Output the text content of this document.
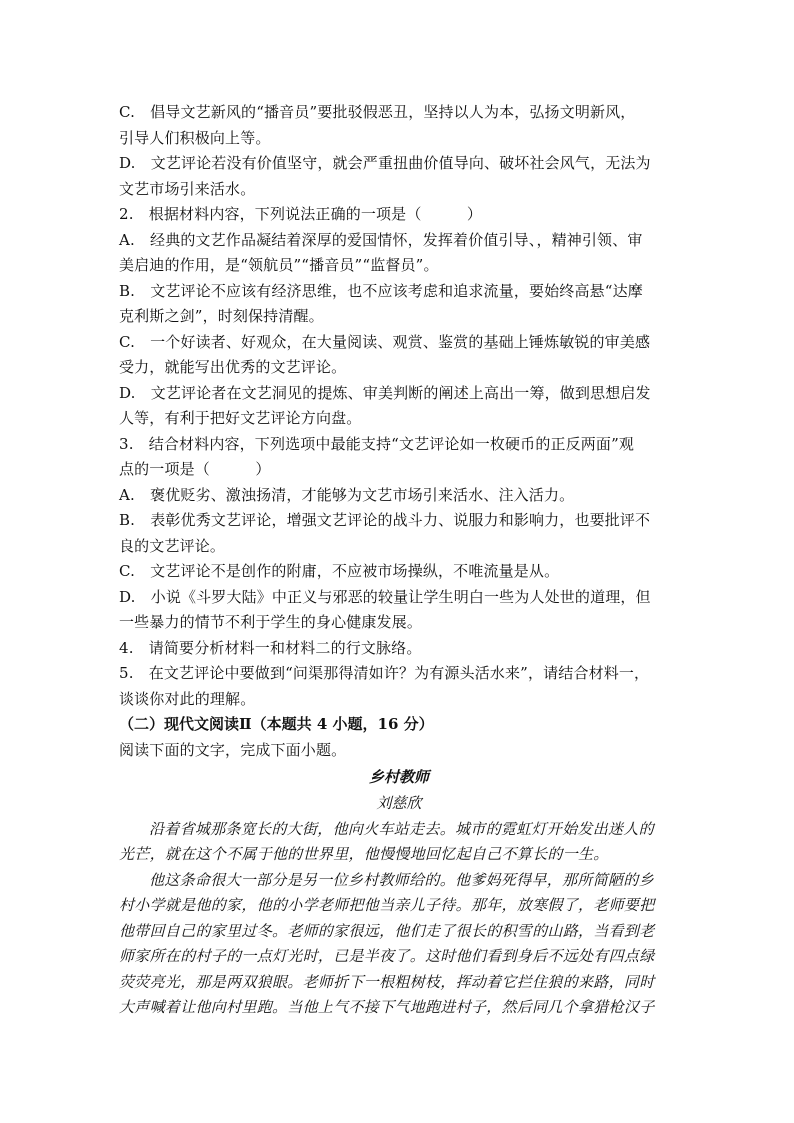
C.　倡导文艺新风的“播音员”要批驳假恶丑，坚持以人为本，弘扬文明新风，
引导人们积极向上等。
D.　文艺评论若没有价值坚守，就会严重扭曲价值导向、破坏社会风气，无法为
文艺市场引来活水。
2.　根据材料内容，下列说法正确的一项是（　　　）
A.　经典的文艺作品凝结着深厚的爱国情怀，发挥着价值引导、，精神引领、审
美启迪的作用，是“领航员”“播音员”“监督员”。
B.　文艺评论不应该有经济思维，也不应该考虑和追求流量，要始终高悬“达摩
克利斯之剑”，时刻保持清醒。
C.　一个好读者、好观众，在大量阅读、观赏、鉴赏的基础上锤炼敏锐的审美感
受力，就能写出优秀的文艺评论。
D.　文艺评论者在文艺洞见的提炼、审美判断的阐述上高出一筹，做到思想启发
人等，有利于把好文艺评论方向盘。
3.　结合材料内容，下列选项中最能支持“文艺评论如一枚硬币的正反两面”观
点的一项是（　　　）
A.　褒优贬劣、激浊扬清，才能够为文艺市场引来活水、注入活力。
B.　表彰优秀文艺评论，增强文艺评论的战斗力、说服力和影响力，也要批评不
良的文艺评论。
C.　文艺评论不是创作的附庸，不应被市场操纵，不唯流量是从。
D.　小说《斗罗大陆》中正义与邪恶的较量让学生明白一些为人处世的道理，但
一些暴力的情节不利于学生的身心健康发展。
4.　请简要分析材料一和材料二的行文脉络。
5.　在文艺评论中要做到“问渠那得清如许？为有源头活水来”，请结合材料一，
谈谈你对此的理解。
（二）现代文阅读Ⅱ（本题共 4 小题，16 分）
阅读下面的文字，完成下面小题。
乡村教师
刘慈欣
沿着省城那条宽长的大街，他向火车站走去。城市的霓虹灯开始发出迷人的
光芒，就在这个不属于他的世界里，他慢慢地回忆起自己不算长的一生。
他这条命很大一部分是另一位乡村教师给的。他爹妈死得早，那所简陋的乡
村小学就是他的家，他的小学老师把他当亲儿子待。那年，放寒假了，老师要把
他带回自己的家里过冬。老师的家很远，他们走了很长的积雪的山路，当看到老
师家所在的村子的一点灯光时，已是半夜了。这时他们看到身后不远处有四点绿
荧荧亮光，那是两双狼眼。老师折下一根粗树枝，挥动着它拦住狼的来路，同时
大声喊着让他向村里跑。当他上气不接下气地跑进村子，然后同几个拿猎枪汉子
